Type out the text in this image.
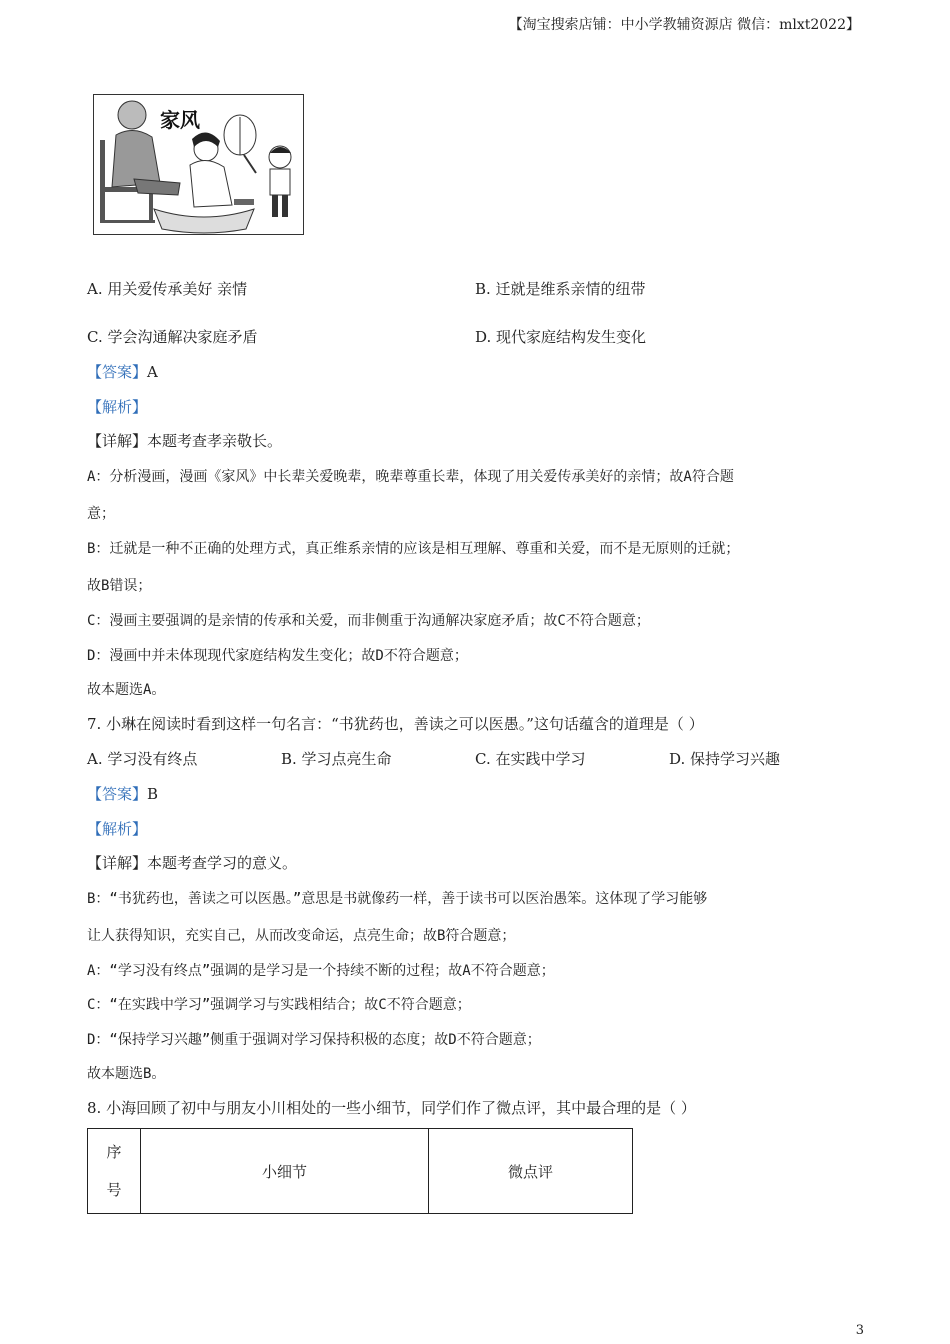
【淘宝搜索店铺：中小学教辅资源店 微信：mlxt2022】
家风
A. 用关爱传承美好 亲情	B. 迁就是维系亲情的纽带
C. 学会沟通解决家庭矛盾	D. 现代家庭结构发生变化
【答案】A
【解析】
【详解】本题考查孝亲敬长。
A：分析漫画，漫画《家风》中长辈关爱晚辈，晚辈尊重长辈，体现了用关爱传承美好的亲情；故A符合题
意；
B：迁就是一种不正确的处理方式，真正维系亲情的应该是相互理解、尊重和关爱，而不是无原则的迁就；
故B错误；
C：漫画主要强调的是亲情的传承和关爱，而非侧重于沟通解决家庭矛盾；故C不符合题意；
D：漫画中并未体现现代家庭结构发生变化；故D不符合题意；
故本题选A。
7. 小琳在阅读时看到这样一句名言：“书犹药也，善读之可以医愚。”这句话蕴含的道理是（ ）
A. 学习没有终点	B. 学习点亮生命	C. 在实践中学习	D. 保持学习兴趣
【答案】B
【解析】
【详解】本题考查学习的意义。
B：“书犹药也，善读之可以医愚。”意思是书就像药一样，善于读书可以医治愚笨。这体现了学习能够
让人获得知识，充实自己，从而改变命运，点亮生命；故B符合题意；
A：“学习没有终点”强调的是学习是一个持续不断的过程；故A不符合题意；
C：“在实践中学习”强调学习与实践相结合；故C不符合题意；
D：“保持学习兴趣”侧重于强调对学习保持积极的态度；故D不符合题意；
故本题选B。
8. 小海回顾了初中与朋友小川相处的一些小细节，同学们作了微点评，其中最合理的是（ ）
序号	小细节	微点评
3
